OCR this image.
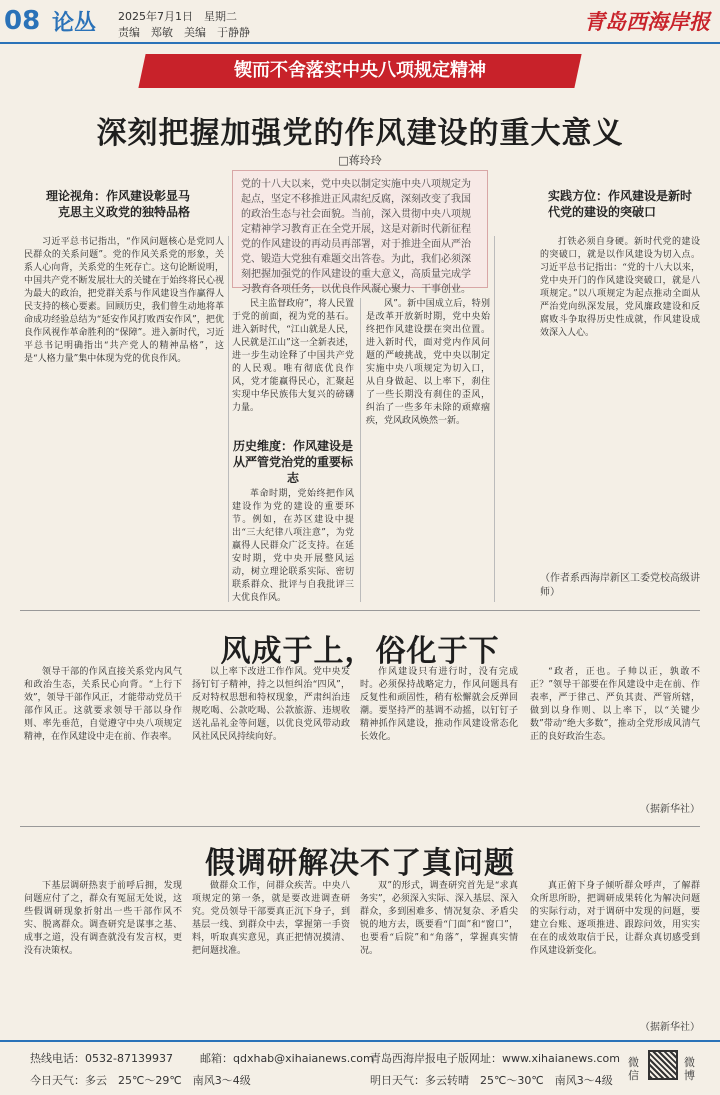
08 论丛 2025年7月1日　星期二
责编　郑敏　美编　于静静	青岛西海岸报
锲而不舍落实中央八项规定精神
深刻把握加强党的作风建设的重大意义
□蒋玲玲
理论视角：作风建设彰显马克思主义政党的独特品格
党的十八大以来，党中央以制定实施中央八项规定为起点，坚定不移推进正风肃纪反腐，深刻改变了我国的政治生态与社会面貌。当前，深入贯彻中央八项规定精神学习教育正在全党开展，这是对新时代新征程党的作风建设的再动员再部署，对于推进全面从严治党、锻造大党独有难题交出答卷。为此，我们必须深刻把握加强党的作风建设的重大意义，高质量完成学习教育各项任务，以优良作风凝心聚力、干事创业。
实践方位：作风建设是新时代党的建设的突破口
习近平总书记指出，“作风问题核心是党同人民群众的关系问题”。党的作风关系党的形象，关系人心向背，关系党的生死存亡。这句论断说明，中国共产党不断发展壮大的关键在于始终将民心视为最大的政治，把党群关系与作风建设当作赢得人民支持的核心要素。回顾历史，我们曾生动地将革命成功经验总结为“延安作风打败西安作风”，把优良作风视作革命胜利的“保障”。进入新时代，习近平总书记明确指出“共产党人的精神品格”，这是“人格力量”集中体现为党的优良作风。
民主监督政府”，将人民置于党的前面，视为党的基石。进入新时代，“江山就是人民，人民就是江山”这一全新表述，进一步生动诠释了中国共产党的人民观。唯有彻底优良作风，党才能赢得民心，汇聚起实现中华民族伟大复兴的磅礴力量。
历史维度：作风建设是从严管党治党的重要标志
革命时期，党始终把作风建设作为党的建设的重要环节。例如，在苏区建设中提出“三大纪律八项注意”，为党赢得人民群众广泛支持。在延安时期，党中央开展整风运动，树立理论联系实际、密切联系群众、批评与自我批评三大优良作风。
风”。新中国成立后，特别是改革开放新时期，党中央始终把作风建设摆在突出位置。进入新时代，面对党内作风问题的严峻挑战，党中央以制定实施中央八项规定为切入口，从自身做起、以上率下，刹住了一些长期没有刹住的歪风，纠治了一些多年未除的顽瘴痼疾，党风政风焕然一新。
打铁必须自身硬。新时代党的建设的突破口，就是以作风建设为切入点。习近平总书记指出：“党的十八大以来，党中央开门的作风建设突破口，就是八项规定。”以八项规定为起点推动全面从严治党向纵深发展，党风廉政建设和反腐败斗争取得历史性成就，作风建设成效深入人心。
（作者系西海岸新区工委党校高级讲师）
风成于上，俗化于下
领导干部的作风直接关系党内风气和政治生态，关系民心向背。“上行下效”，领导干部作风正，才能带动党员干部作风正。这就要求领导干部以身作则、率先垂范，自觉遵守中央八项规定精神，在作风建设中走在前、作表率。
以上率下改进工作作风。党中央发扬钉钉子精神，持之以恒纠治“四风”，反对特权思想和特权现象，严肃纠治违规吃喝、公款吃喝、公款旅游、违规收送礼品礼金等问题，以优良党风带动政风社风民风持续向好。
作风建设只有进行时，没有完成时。必须保持战略定力，作风问题具有反复性和顽固性，稍有松懈就会反弹回潮。要坚持严的基调不动摇，以钉钉子精神抓作风建设，推动作风建设常态化长效化。
“政者，正也。子帅以正，孰敢不正？”领导干部要在作风建设中走在前、作表率，严于律己、严负其责、严管所辖，做到以身作则、以上率下，以“关键少数”带动“绝大多数”，推动全党形成风清气正的良好政治生态。
（据新华社）
假调研解决不了真问题
下基层调研热衷于前呼后拥，发现问题应付了之，群众有冤屈无处说，这些假调研现象折射出一些干部作风不实、脱离群众。调查研究是谋事之基、成事之道，没有调查就没有发言权，更没有决策权。
做群众工作，问群众疾苦。中央八项规定的第一条，就是要改进调查研究。党员领导干部要真正沉下身子，到基层一线、到群众中去，掌握第一手资料，听取真实意见，真正把情况摸清、把问题找准。
双”的形式，调查研究首先是“求真务实”，必须深入实际、深入基层、深入群众，多到困难多、情况复杂、矛盾尖锐的地方去，既要看“门面”和“窗口”，也要看“后院”和“角落”，掌握真实情况。
真正俯下身子倾听群众呼声，了解群众所思所盼，把调研成果转化为解决问题的实际行动，对于调研中发现的问题，要建立台账、逐项推进、跟踪问效，用实实在在的成效取信于民，让群众真切感受到作风建设新变化。
（据新华社）
热线电话：0532-87139937 邮箱：qdxhab@xihaianews.com
青岛西海岸报电子版网址：www.xihaianews.com
今日天气：多云　25℃～29℃　南风3～4级	明日天气：多云转晴　25℃～30℃　南风3～4级
微信
微博
